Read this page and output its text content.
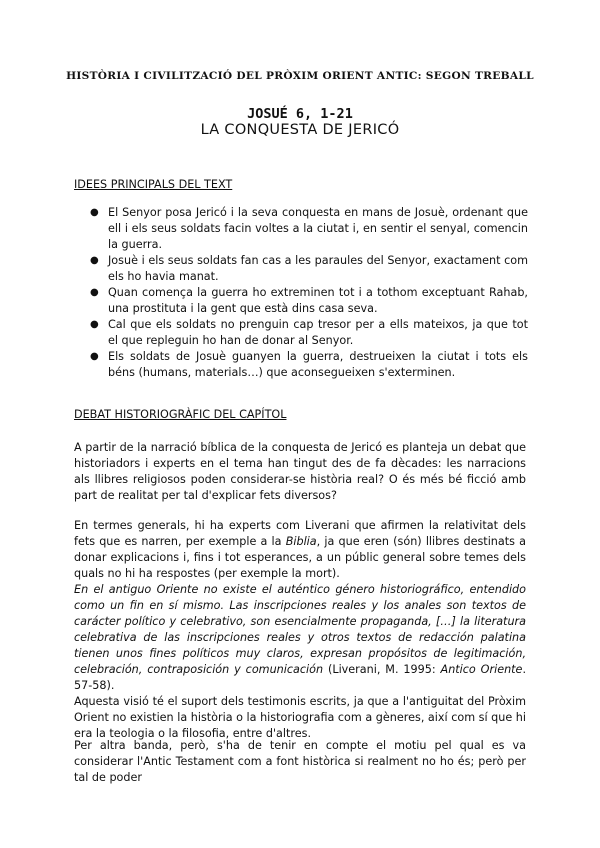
HISTÒRIA I CIVILITZACIÓ DEL PRÒXIM ORIENT ANTIC: SEGON TREBALL
JOSUÉ 6, 1-21
LA CONQUESTA DE JERICÓ
IDEES PRINCIPALS DEL TEXT
● El Senyor posa Jericó i la seva conquesta en mans de Josuè, ordenant que ell i els seus soldats facin voltes a la ciutat i, en sentir el senyal, comencin la guerra.
● Josuè i els seus soldats fan cas a les paraules del Senyor, exactament com els ho havia manat.
● Quan comença la guerra ho extreminen tot i a tothom exceptuant Rahab, una prostituta i la gent que està dins casa seva.
● Cal que els soldats no prenguin cap tresor per a ells mateixos, ja que tot el que repleguin ho han de donar al Senyor.
● Els soldats de Josuè guanyen la guerra, destrueixen la ciutat i tots els béns (humans, materials…) que aconsegueixen s'exterminen.
DEBAT HISTORIOGRÀFIC DEL CAPÍTOL

A partir de la narració bíblica de la conquesta de Jericó es planteja un debat que historiadors i experts en el tema han tingut des de fa dècades: les narracions als llibres religiosos poden considerar-se història real? O és més bé ficció amb part de realitat per tal d'explicar fets diversos?

En termes generals, hi ha experts com Liverani que afirmen la relativitat dels fets que es narren, per exemple a la Biblia, ja que eren (són) llibres destinats a donar explicacions i, fins i tot esperances, a un públic general sobre temes dels quals no hi ha respostes (per exemple la mort).
En el antiguo Oriente no existe el auténtico género historiográfico, entendido como un fin en sí mismo. Las inscripciones reales y los anales son textos de carácter político y celebrativo, son esencialmente propaganda, […] la literatura celebrativa de las inscripciones reales y otros textos de redacción palatina tienen unos fines políticos muy claros, expresan propósitos de legitimación, celebración, contraposición y comunicación (Liverani, M. 1995: Antico Oriente. 57-58).
Aquesta visió té el suport dels testimonis escrits, ja que a l'antiguitat del Pròxim Orient no existien la història o la historiografia com a gèneres, així com sí que hi era la teologia o la filosofia, entre d'altres.

Per altra banda, però, s'ha de tenir en compte el motiu pel qual es va considerar l'Antic Testament com a font històrica si realment no ho és; però per tal de poder
